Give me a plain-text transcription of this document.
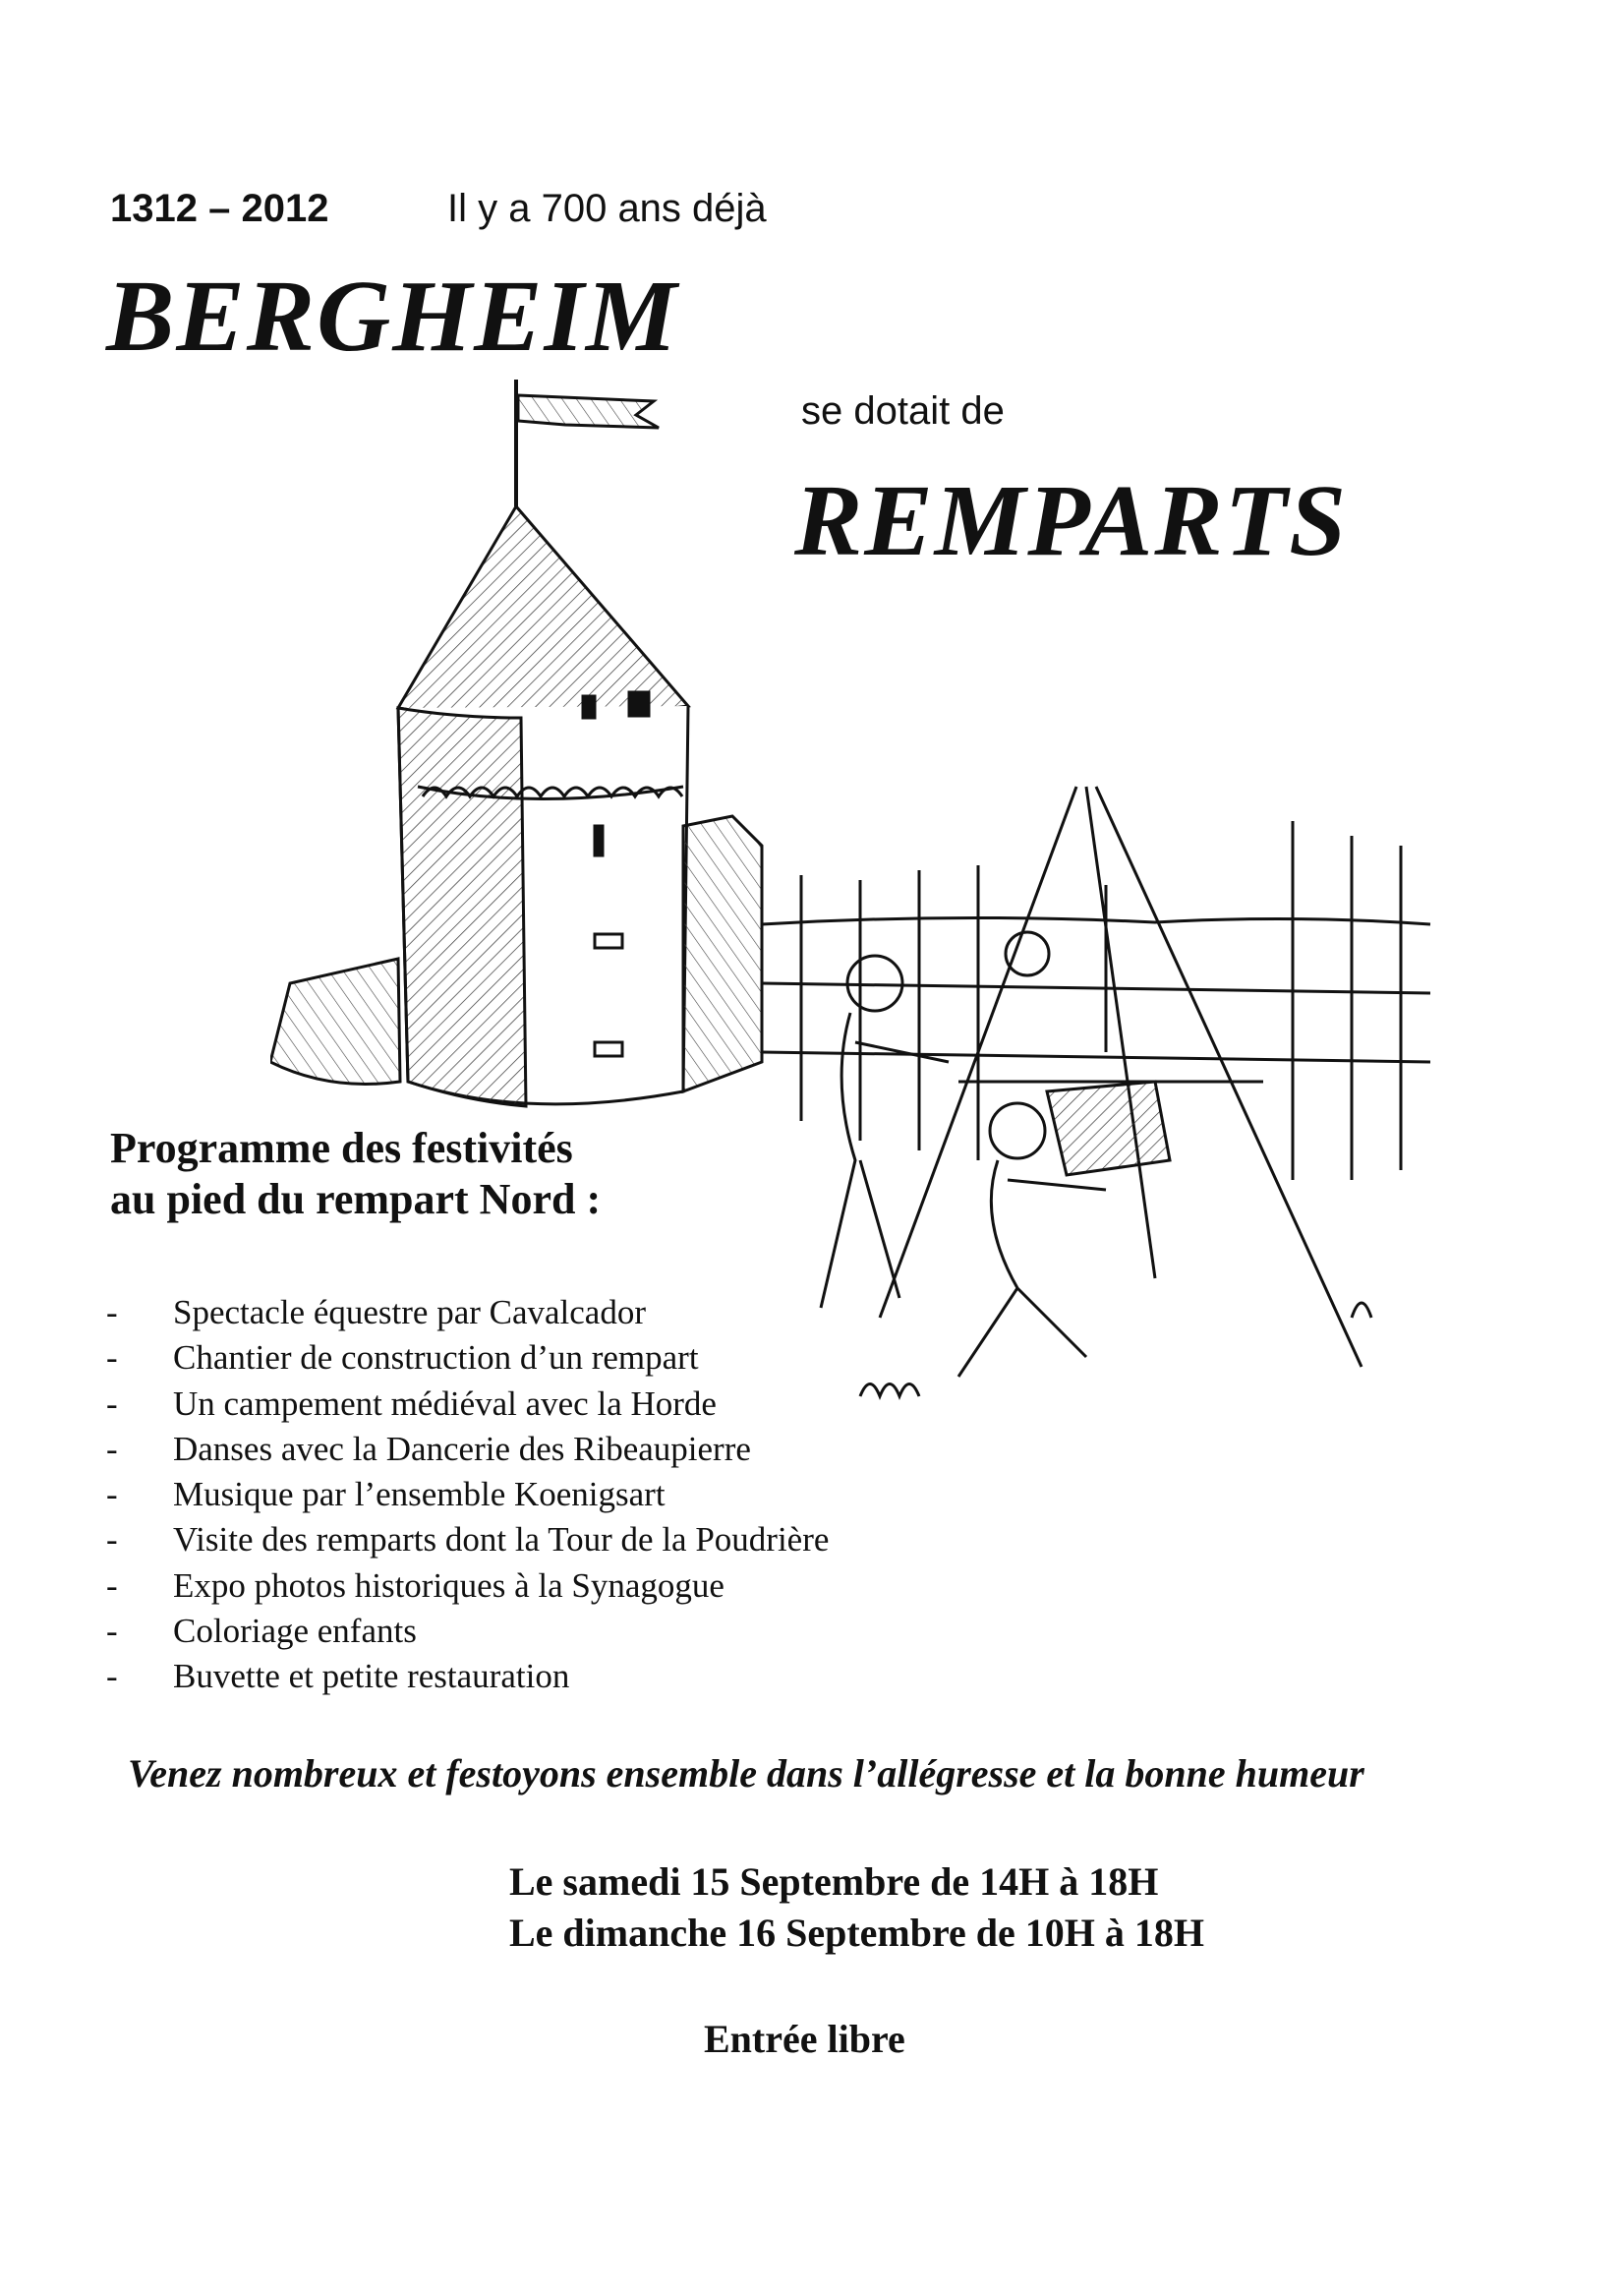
1312 – 2012	Il y a 700 ans déjà
BERGHEIM
se dotait de
REMPARTS
Programme des festivités
au pied du rempart Nord :
- Spectacle équestre par Cavalcador
- Chantier de construction d’un rempart
- Un campement médiéval avec la Horde
- Danses avec la Dancerie des Ribeaupierre
- Musique par l’ensemble Koenigsart
- Visite des remparts dont la Tour de la Poudrière
- Expo photos historiques à la Synagogue
- Coloriage enfants
- Buvette et petite restauration
Venez nombreux et festoyons ensemble dans l’allégresse et la bonne humeur
Le samedi 15 Septembre de 14H à 18H
Le dimanche 16 Septembre de 10H à 18H
Entrée libre
